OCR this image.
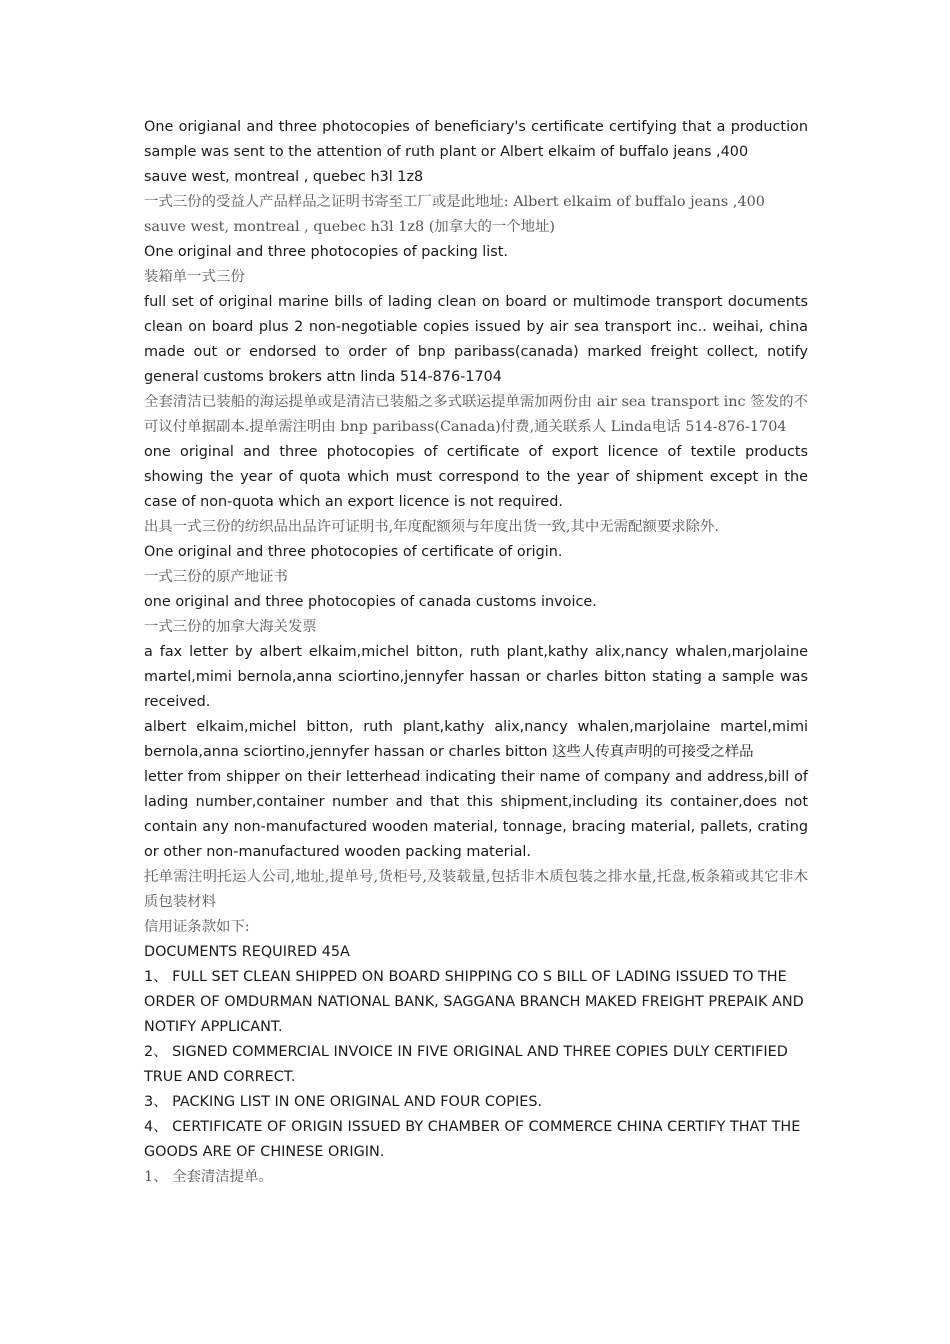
One origianal and three photocopies of beneficiary's certificate certifying that a production sample was sent to the attention of ruth plant or Albert elkaim of buffalo jeans ,400

sauve west, montreal , quebec h3l 1z8

一式三份的受益人产品样品之证明书寄至工厂或是此地址: Albert elkaim of buffalo jeans ,400 sauve west, montreal , quebec h3l 1z8 (加拿大的一个地址)

One original and three photocopies of packing list.

装箱单一式三份

full set of original marine bills of lading clean on board or multimode transport documents clean on board plus 2 non-negotiable copies issued by air sea transport inc.. weihai, china made out or endorsed to order of bnp paribass(canada) marked freight collect, notify general customs brokers attn linda 514-876-1704

全套清洁已装船的海运提单或是清洁已装船之多式联运提单需加两份由 air sea transport inc 签发的不可议付单据副本.提单需注明由 bnp paribass(Canada)付费,通关联系人 Linda电话 514-876-1704

one original and three photocopies of certificate of export licence of textile products showing the year of quota which must correspond to the year of shipment except in the case of non-quota which an export licence is not required.

出具一式三份的纺织品出品许可证明书,年度配额须与年度出货一致,其中无需配额要求除外.

One original and three photocopies of certificate of origin.

一式三份的原产地证书

one original and three photocopies of canada customs invoice.

一式三份的加拿大海关发票

a fax letter by albert elkaim,michel bitton, ruth plant,kathy alix,nancy whalen,marjolaine martel,mimi bernola,anna sciortino,jennyfer hassan or charles bitton stating a sample was received.

albert elkaim,michel bitton, ruth plant,kathy alix,nancy whalen,marjolaine martel,mimi bernola,anna sciortino,jennyfer hassan or charles bitton 这些人传真声明的可接受之样品

letter from shipper on their letterhead indicating their name of company and address,bill of lading number,container number and that this shipment,including its container,does not contain any non-manufactured wooden material, tonnage, bracing material, pallets, crating or other non-manufactured wooden packing material.

托单需注明托运人公司,地址,提单号,货柜号,及装载量,包括非木质包装之排水量,托盘,板条箱或其它非木质包装材料

信用证条款如下:

DOCUMENTS REQUIRED 45A

1、 FULL SET CLEAN SHIPPED ON BOARD SHIPPING CO S BILL OF LADING ISSUED TO THE ORDER OF OMDURMAN NATIONAL BANK, SAGGANA BRANCH MAKED FREIGHT PREPAIK AND NOTIFY APPLICANT.

2、 SIGNED COMMERCIAL INVOICE IN FIVE ORIGINAL AND THREE COPIES DULY CERTIFIED TRUE AND CORRECT.

3、 PACKING LIST IN ONE ORIGINAL AND FOUR COPIES.

4、 CERTIFICATE OF ORIGIN ISSUED BY CHAMBER OF COMMERCE CHINA CERTIFY THAT THE GOODS ARE OF CHINESE ORIGIN.

1、 全套清洁提单。
